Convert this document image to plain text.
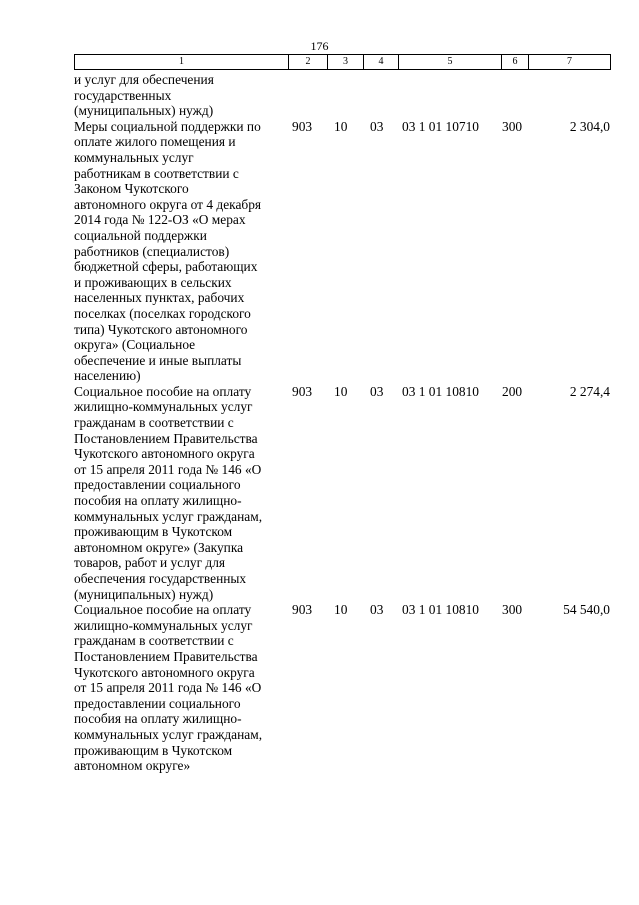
176
1	2	3	4	5	6	7
и услуг для обеспечения
государственных
(муниципальных) нужд)
Меры социальной поддержки по
оплате жилого помещения и
коммунальных услуг
работникам в соответствии с
Законом Чукотского
автономного округа от 4 декабря
2014 года № 122-ОЗ «О мерах
социальной поддержки
работников (специалистов)
бюджетной сферы, работающих
и проживающих в сельских
населенных пунктах, рабочих
поселках (поселках городского
типа) Чукотского автономного
округа» (Социальное
обеспечение и иные выплаты
населению)
903	10	03	03 1 01 10710	300	2 304,0
Социальное пособие на оплату
жилищно-коммунальных услуг
гражданам в соответствии с
Постановлением Правительства
Чукотского автономного округа
от 15 апреля 2011 года № 146 «О
предоставлении социального
пособия на оплату жилищно-
коммунальных услуг гражданам,
проживающим в Чукотском
автономном округе» (Закупка
товаров, работ и услуг для
обеспечения государственных
(муниципальных) нужд)
903	10	03	03 1 01 10810	200	2 274,4
Социальное пособие на оплату
жилищно-коммунальных услуг
гражданам в соответствии с
Постановлением Правительства
Чукотского автономного округа
от 15 апреля 2011 года № 146 «О
предоставлении социального
пособия на оплату жилищно-
коммунальных услуг гражданам,
проживающим в Чукотском
автономном округе»
903	10	03	03 1 01 10810	300	54 540,0
